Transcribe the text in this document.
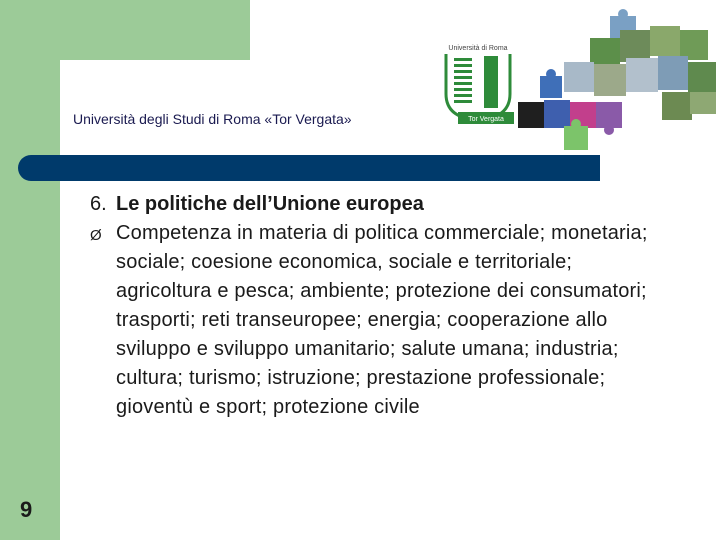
Università degli Studi di Roma «Tor Vergata»
Università di Roma
Tor Vergata
6. Le politiche dell’Unione europea
Ø Competenza in materia di politica commerciale; monetaria; sociale; coesione economica, sociale e territoriale; agricoltura e pesca; ambiente; protezione dei consumatori; trasporti; reti transeuropee; energia; cooperazione allo sviluppo e sviluppo umanitario; salute umana; industria; cultura; turismo; istruzione; prestazione professionale; gioventù e sport; protezione civile
9
